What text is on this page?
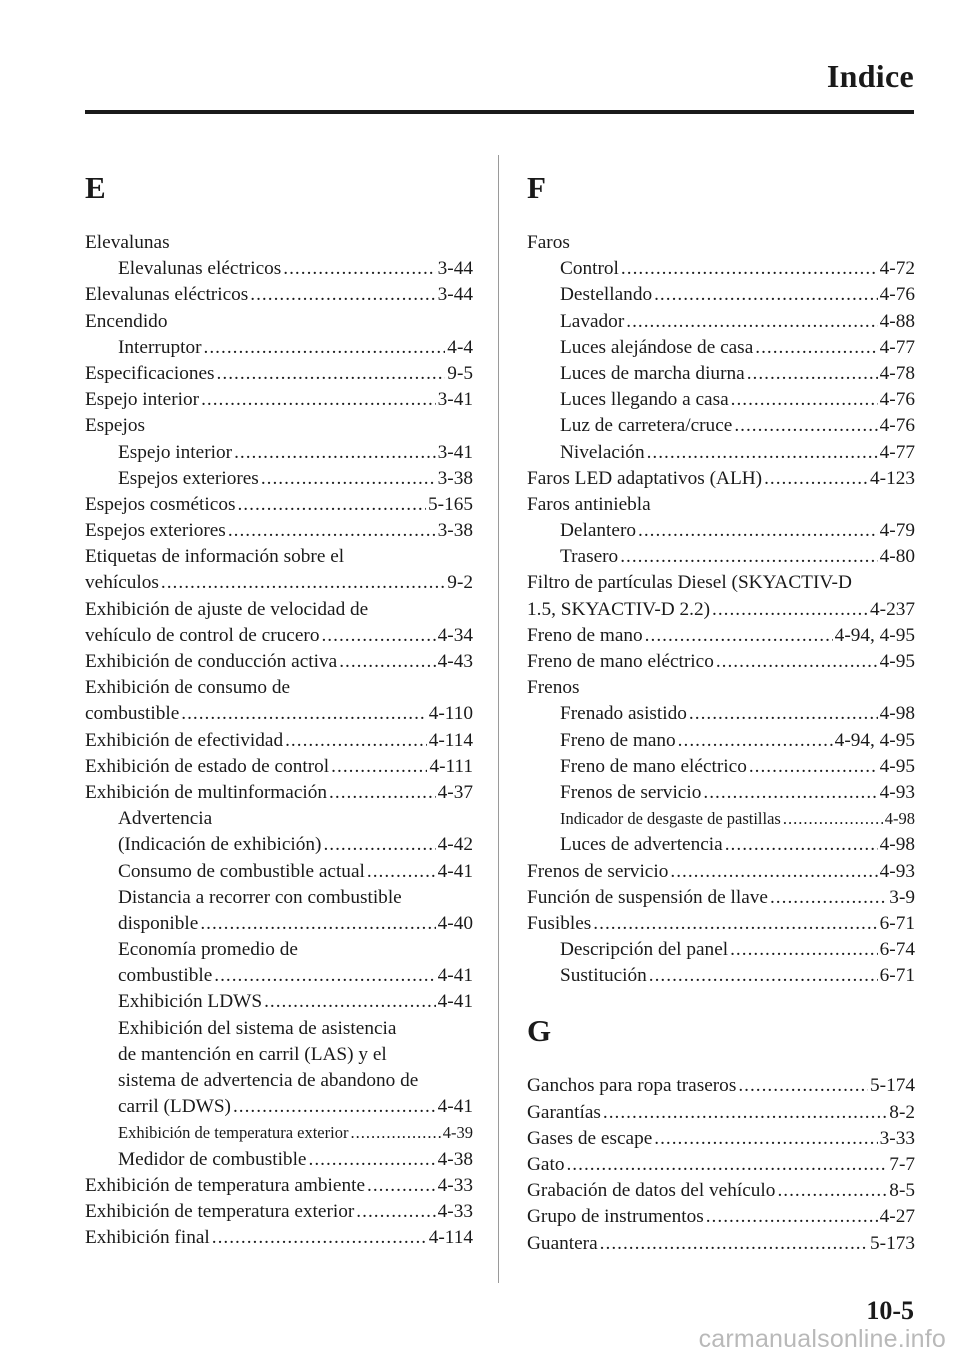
Indice
E
Elevalunas
Elevalunas eléctricos .....	3-44
Elevalunas eléctricos .....	3-44
Encendido
Interruptor .....	4-4
Especificaciones .....	9-5
Espejo interior .....	3-41
Espejos
Espejo interior .....	3-41
Espejos exteriores .....	3-38
Espejos cosméticos .....	5-165
Espejos exteriores .....	3-38
Etiquetas de información sobre el
vehículos .....	9-2
Exhibición de ajuste de velocidad de
vehículo de control de crucero .....	4-34
Exhibición de conducción activa .....	4-43
Exhibición de consumo de
combustible .....	4-110
Exhibición de efectividad .....	4-114
Exhibición de estado de control .....	4-111
Exhibición de multinformación .....	4-37
Advertencia
(Indicación de exhibición) .....	4-42
Consumo de combustible actual .....	4-41
Distancia a recorrer con combustible
disponible .....	4-40
Economía promedio de
combustible .....	4-41
Exhibición LDWS .....	4-41
Exhibición del sistema de asistencia
de mantención en carril (LAS) y el
sistema de advertencia de abandono de
carril (LDWS) .....	4-41
Exhibición de temperatura exterior .....	4-39
Medidor de combustible .....	4-38
Exhibición de temperatura ambiente .....	4-33
Exhibición de temperatura exterior .....	4-33
Exhibición final .....	4-114
F
Faros
Control .....	4-72
Destellando .....	4-76
Lavador .....	4-88
Luces alejándose de casa .....	4-77
Luces de marcha diurna .....	4-78
Luces llegando a casa .....	4-76
Luz de carretera/cruce .....	4-76
Nivelación .....	4-77
Faros LED adaptativos (ALH) .....	4-123
Faros antiniebla
Delantero .....	4-79
Trasero .....	4-80
Filtro de partículas Diesel (SKYACTIV-D
1.5, SKYACTIV-D 2.2) .....	4-237
Freno de mano .....	4-94, 4-95
Freno de mano eléctrico .....	4-95
Frenos
Frenado asistido .....	4-98
Freno de mano .....	4-94, 4-95
Freno de mano eléctrico .....	4-95
Frenos de servicio .....	4-93
Indicador de desgaste de pastillas .....	4-98
Luces de advertencia .....	4-98
Frenos de servicio .....	4-93
Función de suspensión de llave .....	3-9
Fusibles .....	6-71
Descripción del panel .....	6-74
Sustitución .....	6-71
G
Ganchos para ropa traseros .....	5-174
Garantías .....	8-2
Gases de escape .....	3-33
Gato .....	7-7
Grabación de datos del vehículo .....	8-5
Grupo de instrumentos .....	4-27
Guantera .....	5-173
10-5
carmanualsonline.info
